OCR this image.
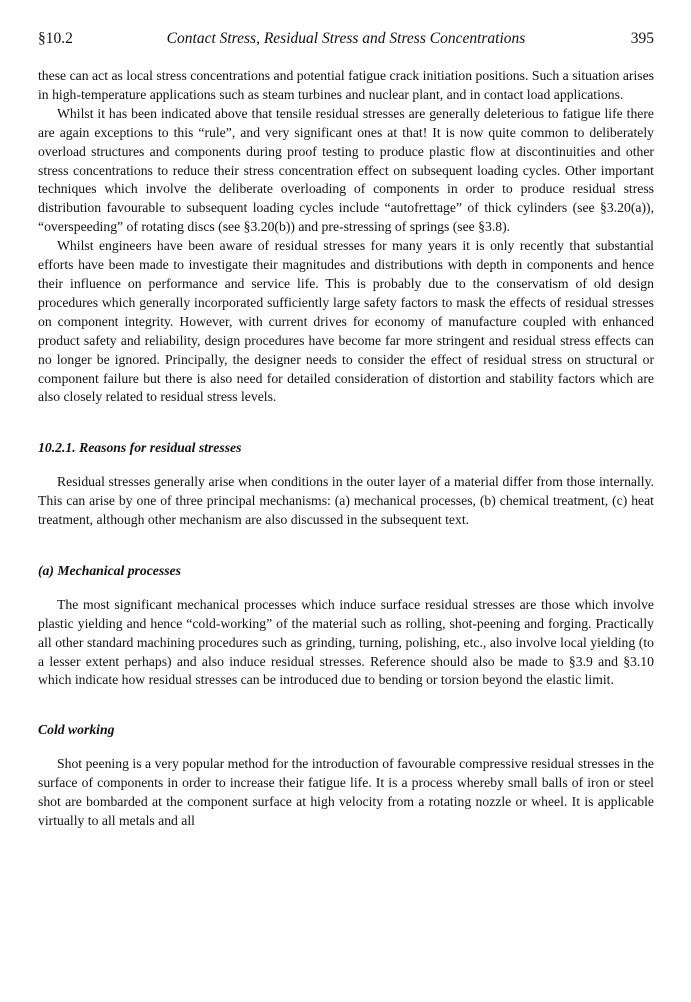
§10.2	Contact Stress, Residual Stress and Stress Concentrations	395

these can act as local stress concentrations and potential fatigue crack initiation positions. Such a situation arises in high-temperature applications such as steam turbines and nuclear plant, and in contact load applications.

Whilst it has been indicated above that tensile residual stresses are generally deleterious to fatigue life there are again exceptions to this “rule”, and very significant ones at that! It is now quite common to deliberately overload structures and components during proof testing to produce plastic flow at discontinuities and other stress concentrations to reduce their stress concentration effect on subsequent loading cycles. Other important techniques which involve the deliberate overloading of components in order to produce residual stress distribution favourable to subsequent loading cycles include “autofrettage” of thick cylinders (see §3.20(a)), “overspeeding” of rotating discs (see §3.20(b)) and pre-stressing of springs (see §3.8).

Whilst engineers have been aware of residual stresses for many years it is only recently that substantial efforts have been made to investigate their magnitudes and distributions with depth in components and hence their influence on performance and service life. This is probably due to the conservatism of old design procedures which generally incorporated sufficiently large safety factors to mask the effects of residual stresses on component integrity. However, with current drives for economy of manufacture coupled with enhanced product safety and reliability, design procedures have become far more stringent and residual stress effects can no longer be ignored. Principally, the designer needs to consider the effect of residual stress on structural or component failure but there is also need for detailed consideration of distortion and stability factors which are also closely related to residual stress levels.

10.2.1. Reasons for residual stresses

Residual stresses generally arise when conditions in the outer layer of a material differ from those internally. This can arise by one of three principal mechanisms: (a) mechanical processes, (b) chemical treatment, (c) heat treatment, although other mechanism are also discussed in the subsequent text.

(a) Mechanical processes

The most significant mechanical processes which induce surface residual stresses are those which involve plastic yielding and hence “cold-working” of the material such as rolling, shot-peening and forging. Practically all other standard machining procedures such as grinding, turning, polishing, etc., also involve local yielding (to a lesser extent perhaps) and also induce residual stresses. Reference should also be made to §3.9 and §3.10 which indicate how residual stresses can be introduced due to bending or torsion beyond the elastic limit.

Cold working

Shot peening is a very popular method for the introduction of favourable compressive residual stresses in the surface of components in order to increase their fatigue life. It is a process whereby small balls of iron or steel shot are bombarded at the component surface at high velocity from a rotating nozzle or wheel. It is applicable virtually to all metals and all
